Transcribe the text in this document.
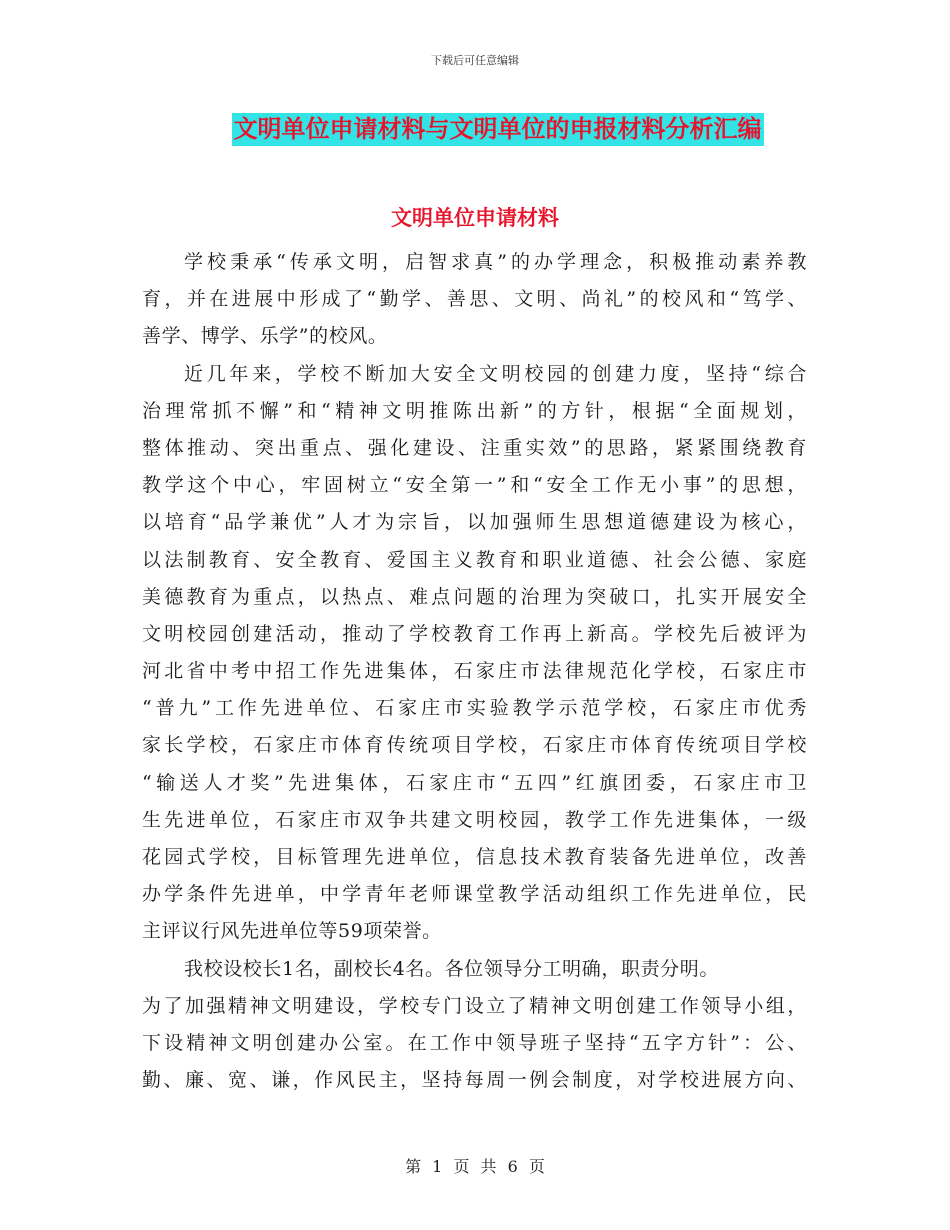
下载后可任意编辑
文明单位申请材料与文明单位的申报材料分析汇编
文明单位申请材料
学校秉承“传承文明，启智求真”的办学理念，积极推动素养教
育，并在进展中形成了“勤学、善思、文明、尚礼”的校风和“笃学、
善学、博学、乐学”的校风。
近几年来，学校不断加大安全文明校园的创建力度，坚持“综合
治理常抓不懈”和“精神文明推陈出新”的方针，根据“全面规划，
整体推动、突出重点、强化建设、注重实效”的思路，紧紧围绕教育
教学这个中心，牢固树立“安全第一”和“安全工作无小事”的思想，
以培育“品学兼优”人才为宗旨，以加强师生思想道德建设为核心，
以法制教育、安全教育、爱国主义教育和职业道德、社会公德、家庭
美德教育为重点，以热点、难点问题的治理为突破口，扎实开展安全
文明校园创建活动，推动了学校教育工作再上新高。学校先后被评为
河北省中考中招工作先进集体，石家庄市法律规范化学校，石家庄市
“普九”工作先进单位、石家庄市实验教学示范学校，石家庄市优秀
家长学校，石家庄市体育传统项目学校，石家庄市体育传统项目学校
“输送人才奖”先进集体，石家庄市“五四”红旗团委，石家庄市卫
生先进单位，石家庄市双争共建文明校园，教学工作先进集体，一级
花园式学校，目标管理先进单位，信息技术教育装备先进单位，改善
办学条件先进单，中学青年老师课堂教学活动组织工作先进单位，民
主评议行风先进单位等59项荣誉。
我校设校长1名，副校长4名。各位领导分工明确，职责分明。
为了加强精神文明建设，学校专门设立了精神文明创建工作领导小组，
下设精神文明创建办公室。在工作中领导班子坚持“五字方针”：公、
勤、廉、宽、谦，作风民主，坚持每周一例会制度，对学校进展方向、
第 1 页 共 6 页
